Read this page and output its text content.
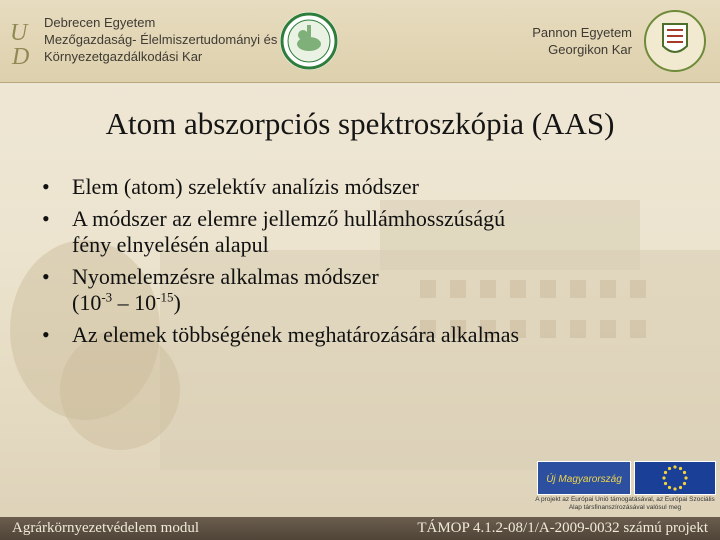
U
D
Debrecen Egyetem
Mezőgazdaság- Élelmiszertudományi és
Környezetgazdálkodási Kar
Pannon Egyetem
Georgikon Kar
Atom abszorpciós spektroszkópia (AAS)
• Elem (atom) szelektív analízis módszer
• A módszer az elemre jellemző hullámhosszúságú
fény elnyelésén alapul
• Nyomelemzésre alkalmas módszer
$(10^{-3} - 10^{-15})$
• Az elemek többségének meghatározására alkalmas
Új Magyarország
A projekt az Európai Unió támogatásával, az Európai Szociális Alap társfinanszírozásával valósul meg
Agrárkörnyezetvédelem modul	TÁMOP 4.1.2-08/1/A-2009-0032 számú projekt
